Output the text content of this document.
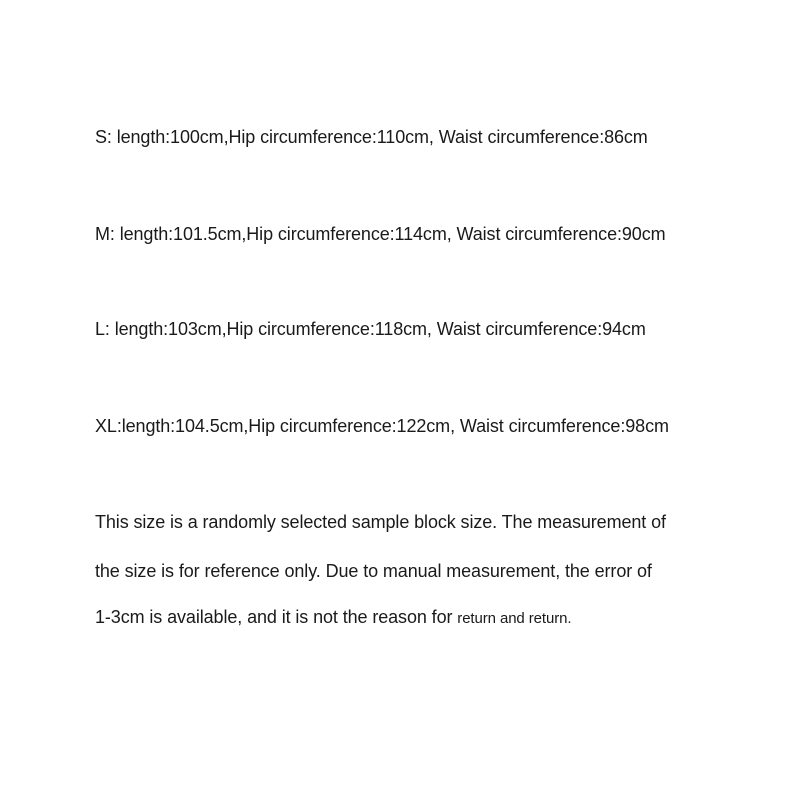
S: length:100cm,Hip circumference:110cm, Waist circumference:86cm
M: length:101.5cm,Hip circumference:114cm, Waist circumference:90cm
L: length:103cm,Hip circumference:118cm, Waist circumference:94cm
XL:length:104.5cm,Hip circumference:122cm, Waist circumference:98cm
This size is a randomly selected sample block size. The measurement of
the size is for reference only. Due to manual measurement, the error of
1-3cm is available, and it is not the reason for return and return.
